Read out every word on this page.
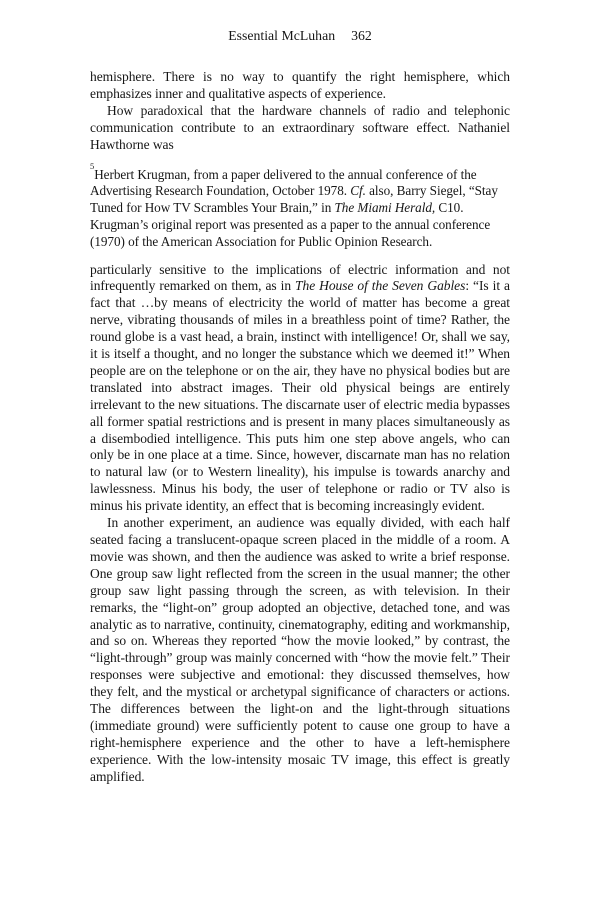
Essential McLuhan 362

hemisphere. There is no way to quantify the right hemisphere, which emphasizes inner and qualitative aspects of experience.

How paradoxical that the hardware channels of radio and telephonic communication contribute to an extraordinary software effect. Nathaniel Hawthorne was

$^5$Herbert Krugman, from a paper delivered to the annual conference of the Advertising Research Foundation, October 1978. Cf. also, Barry Siegel, “Stay Tuned for How TV Scrambles Your Brain,” in The Miami Herald, C10. Krugman’s original report was presented as a paper to the annual conference (1970) of the American Association for Public Opinion Research.

particularly sensitive to the implications of electric information and not infrequently remarked on them, as in The House of the Seven Gables: “Is it a fact that …by means of electricity the world of matter has become a great nerve, vibrating thousands of miles in a breathless point of time? Rather, the round globe is a vast head, a brain, instinct with intelligence! Or, shall we say, it is itself a thought, and no longer the substance which we deemed it!” When people are on the telephone or on the air, they have no physical bodies but are translated into abstract images. Their old physical beings are entirely irrelevant to the new situations. The discarnate user of electric media bypasses all former spatial restrictions and is present in many places simultaneously as a disembodied intelligence. This puts him one step above angels, who can only be in one place at a time. Since, however, discarnate man has no relation to natural law (or to Western lineality), his impulse is towards anarchy and lawlessness. Minus his body, the user of telephone or radio or TV also is minus his private identity, an effect that is becoming increasingly evident.

In another experiment, an audience was equally divided, with each half seated facing a translucent-opaque screen placed in the middle of a room. A movie was shown, and then the audience was asked to write a brief response. One group saw light reflected from the screen in the usual manner; the other group saw light passing through the screen, as with television. In their remarks, the “light-on” group adopted an objective, detached tone, and was analytic as to narrative, continuity, cinematography, editing and workmanship, and so on. Whereas they reported “how the movie looked,” by contrast, the “light-through” group was mainly concerned with “how the movie felt.” Their responses were subjective and emotional: they discussed themselves, how they felt, and the mystical or archetypal significance of characters or actions. The differences between the light-on and the light-through situations (immediate ground) were sufficiently potent to cause one group to have a right-hemisphere experience and the other to have a left-hemisphere experience. With the low-intensity mosaic TV image, this effect is greatly amplified.
